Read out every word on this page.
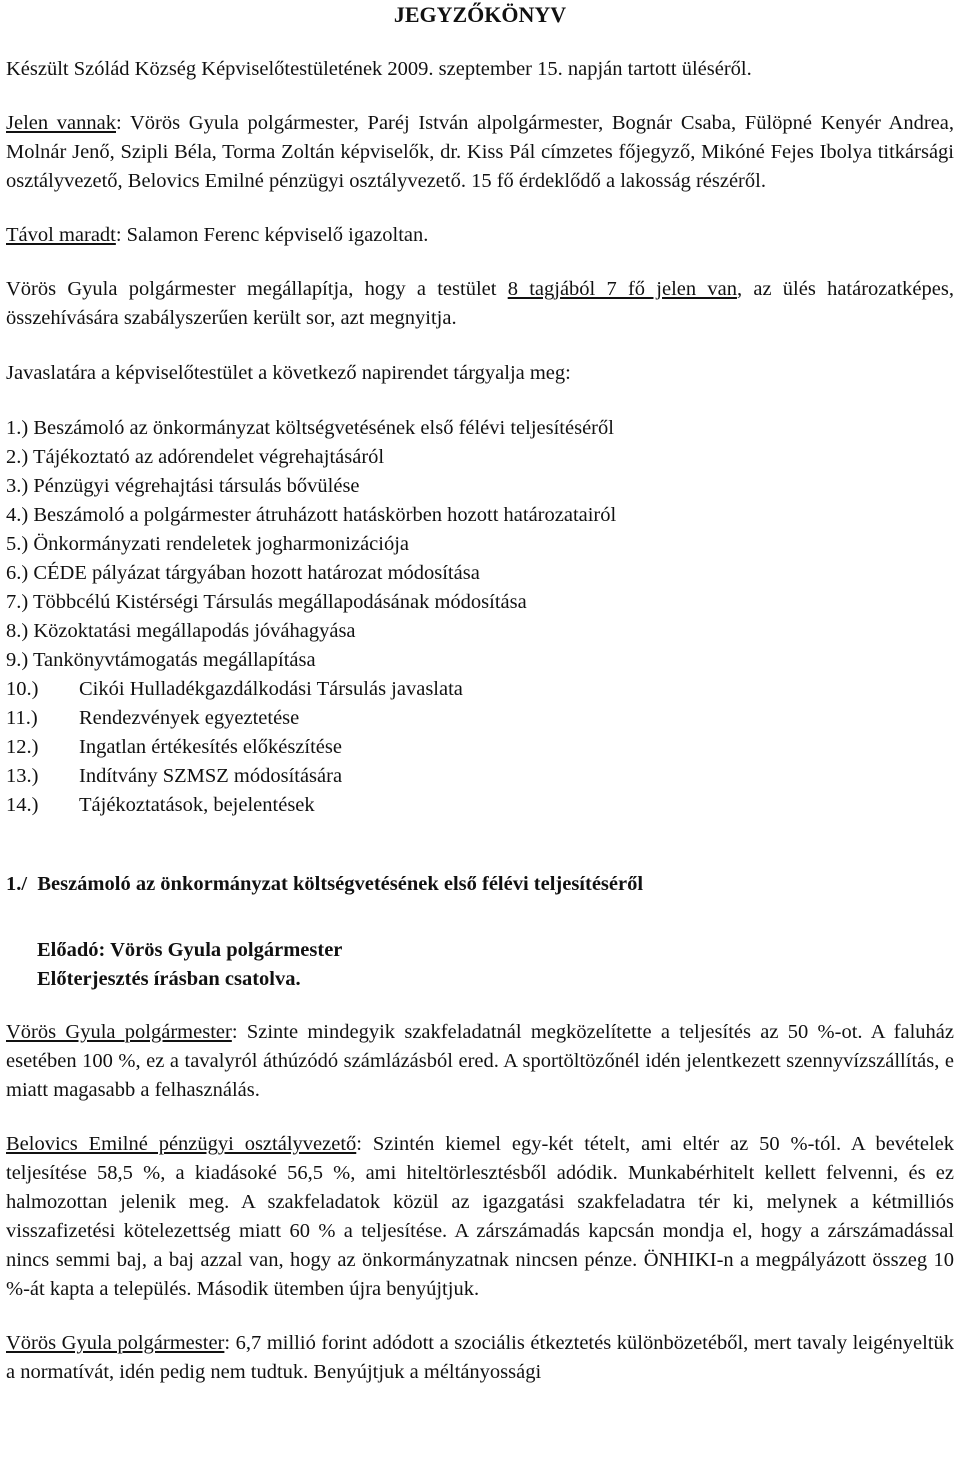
JEGYZŐKÖNYV

Készült Szólád Község Képviselőtestületének 2009. szeptember 15. napján tartott üléséről.

Jelen vannak: Vörös Gyula polgármester, Paréj István alpolgármester, Bognár Csaba, Fülöpné Kenyér Andrea, Molnár Jenő, Szipli Béla, Torma Zoltán képviselők, dr. Kiss Pál címzetes főjegyző, Mikóné Fejes Ibolya titkársági osztályvezető, Belovics Emilné pénzügyi osztályvezető. 15 fő érdeklődő a lakosság részéről.

Távol maradt: Salamon Ferenc képviselő igazoltan.

Vörös Gyula polgármester megállapítja, hogy a testület 8 tagjából 7 fő jelen van, az ülés határozatképes, összehívására szabályszerűen került sor, azt megnyitja.

Javaslatára a képviselőtestület a következő napirendet tárgyalja meg:

1.) Beszámoló az önkormányzat költségvetésének első félévi teljesítéséről
2.) Tájékoztató az adórendelet végrehajtásáról
3.) Pénzügyi végrehajtási társulás bővülése
4.) Beszámoló a polgármester átruházott hatáskörben hozott határozatairól
5.) Önkormányzati rendeletek jogharmonizációja
6.) CÉDE pályázat tárgyában hozott határozat módosítása
7.) Többcélú Kistérségi Társulás megállapodásának módosítása
8.) Közoktatási megállapodás jóváhagyása
9.) Tankönyvtámogatás megállapítása
10.) Cikói Hulladékgazdálkodási Társulás javaslata
11.) Rendezvények egyeztetése
12.) Ingatlan értékesítés előkészítése
13.) Indítvány SZMSZ módosítására
14.) Tájékoztatások, bejelentések

1./  Beszámoló az önkormányzat költségvetésének első félévi teljesítéséről

Előadó: Vörös Gyula polgármester
Előterjesztés írásban csatolva.

Vörös Gyula polgármester: Szinte mindegyik szakfeladatnál megközelítette a teljesítés az 50 %-ot. A faluház esetében 100 %, ez a tavalyról áthúzódó számlázásból ered. A sportöltözőnél idén jelentkezett szennyvízszállítás, e miatt magasabb a felhasználás.

Belovics Emilné pénzügyi osztályvezető: Szintén kiemel egy-két tételt, ami eltér az 50 %-tól. A bevételek teljesítése 58,5 %, a kiadásoké 56,5 %, ami hiteltörlesztésből adódik. Munkabérhitelt kellett felvenni, és ez halmozottan jelenik meg. A szakfeladatok közül az igazgatási szakfeladatra tér ki, melynek a kétmilliós visszafizetési kötelezettség miatt 60 % a teljesítése. A zárszámadás kapcsán mondja el, hogy a zárszámadással nincs semmi baj, a baj azzal van, hogy az önkormányzatnak nincsen pénze. ÖNHIKI-n a megpályázott összeg 10 %-át kapta a település. Második ütemben újra benyújtjuk.

Vörös Gyula polgármester: 6,7 millió forint adódott a szociális étkeztetés különbözetéből, mert tavaly leigényeltük a normatívát, idén pedig nem tudtuk. Benyújtjuk a méltányossági
